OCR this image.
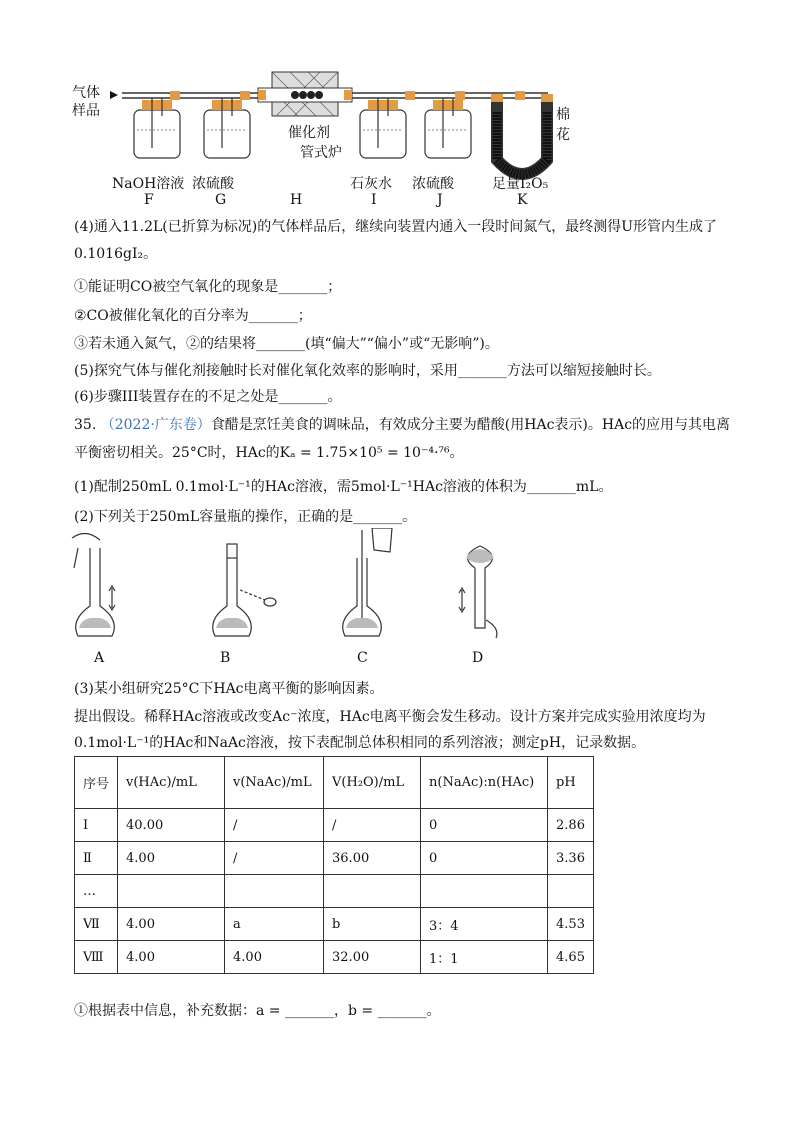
气体
样品
催化剂
管式炉
棉
花
NaOH溶液 浓硫酸	石灰水 浓硫酸	足量I₂O₅
F	G	H	I	J	K
(4)通入11.2L(已折算为标况)的气体样品后，继续向装置内通入一段时间氮气，最终测得U形管内生成了
0.1016gI₂。
①能证明CO被空气氧化的现象是_______；
②CO被催化氧化的百分率为_______；
③若未通入氮气，②的结果将_______(填“偏大”“偏小”或“无影响”)。
(5)探究气体与催化剂接触时长对催化氧化效率的影响时，采用_______方法可以缩短接触时长。
(6)步骤III装置存在的不足之处是_______。
35. （2022·广东卷）食醋是烹饪美食的调味品，有效成分主要为醋酸(用HAc表示)。HAc的应用与其电离
平衡密切相关。25°C时，HAc的Kₐ = 1.75×10⁵ = 10⁻⁴·⁷⁶。
(1)配制250mL 0.1mol·L⁻¹的HAc溶液，需5mol·L⁻¹HAc溶液的体积为_______mL。
(2)下列关于250mL容量瓶的操作，正确的是_______。
A	B	C	D
(3)某小组研究25°C下HAc电离平衡的影响因素。
提出假设。稀释HAc溶液或改变Ac⁻浓度，HAc电离平衡会发生移动。设计方案并完成实验用浓度均为
0.1mol·L⁻¹的HAc和NaAc溶液，按下表配制总体积相同的系列溶液；测定pH，记录数据。
序号	v(HAc)/mL	v(NaAc)/mL	V(H₂O)/mL	n(NaAc):n(HAc)	pH
Ⅰ	40.00	/	/	0	2.86
Ⅱ	4.00	/	36.00	0	3.36
…					
Ⅶ	4.00	a	b	3：4	4.53
Ⅷ	4.00	4.00	32.00	1：1	4.65
①根据表中信息，补充数据：a = _______，b = _______。
